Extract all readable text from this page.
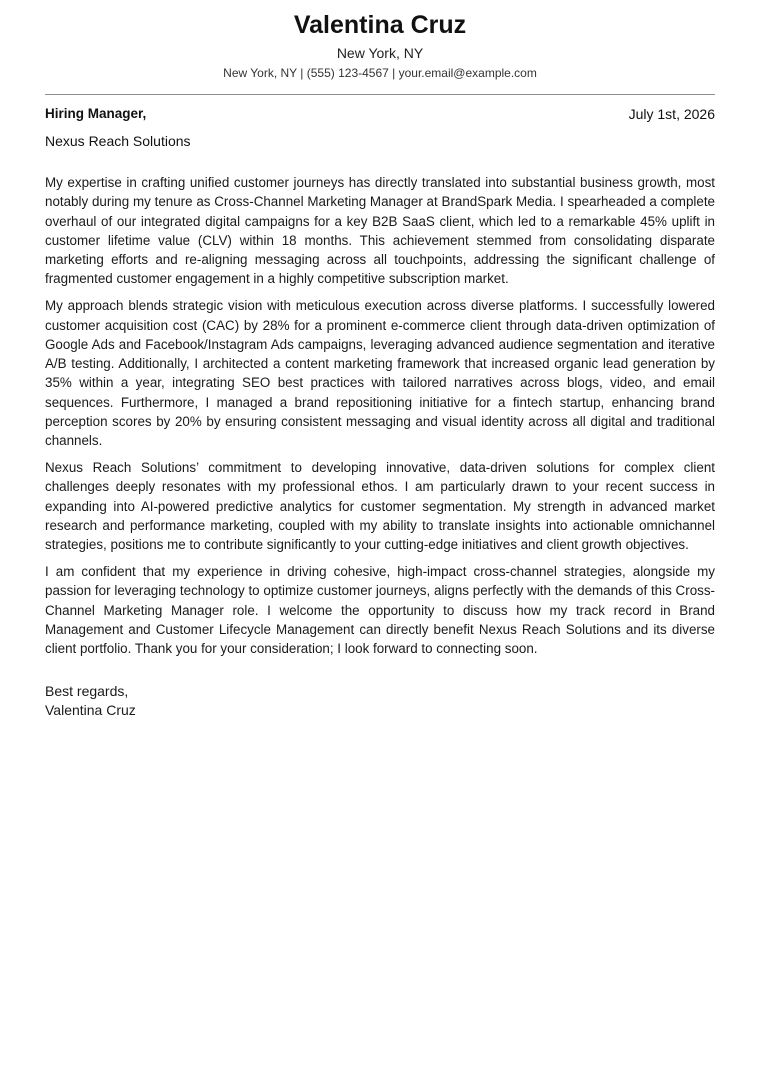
Valentina Cruz
New York, NY
New York, NY | (555) 123-4567 | your.email@example.com
Hiring Manager,	July 1st, 2026
Nexus Reach Solutions

My expertise in crafting unified customer journeys has directly translated into substantial business growth, most notably during my tenure as Cross-Channel Marketing Manager at BrandSpark Media. I spearheaded a complete overhaul of our integrated digital campaigns for a key B2B SaaS client, which led to a remarkable 45% uplift in customer lifetime value (CLV) within 18 months. This achievement stemmed from consolidating disparate marketing efforts and re-aligning messaging across all touchpoints, addressing the significant challenge of fragmented customer engagement in a highly competitive subscription market.

My approach blends strategic vision with meticulous execution across diverse platforms. I successfully lowered customer acquisition cost (CAC) by 28% for a prominent e-commerce client through data-driven optimization of Google Ads and Facebook/Instagram Ads campaigns, leveraging advanced audience segmentation and iterative A/B testing. Additionally, I architected a content marketing framework that increased organic lead generation by 35% within a year, integrating SEO best practices with tailored narratives across blogs, video, and email sequences. Furthermore, I managed a brand repositioning initiative for a fintech startup, enhancing brand perception scores by 20% by ensuring consistent messaging and visual identity across all digital and traditional channels.

Nexus Reach Solutions’ commitment to developing innovative, data-driven solutions for complex client challenges deeply resonates with my professional ethos. I am particularly drawn to your recent success in expanding into AI-powered predictive analytics for customer segmentation. My strength in advanced market research and performance marketing, coupled with my ability to translate insights into actionable omnichannel strategies, positions me to contribute significantly to your cutting-edge initiatives and client growth objectives.

I am confident that my experience in driving cohesive, high-impact cross-channel strategies, alongside my passion for leveraging technology to optimize customer journeys, aligns perfectly with the demands of this Cross-Channel Marketing Manager role. I welcome the opportunity to discuss how my track record in Brand Management and Customer Lifecycle Management can directly benefit Nexus Reach Solutions and its diverse client portfolio. Thank you for your consideration; I look forward to connecting soon.

Best regards,
Valentina Cruz
